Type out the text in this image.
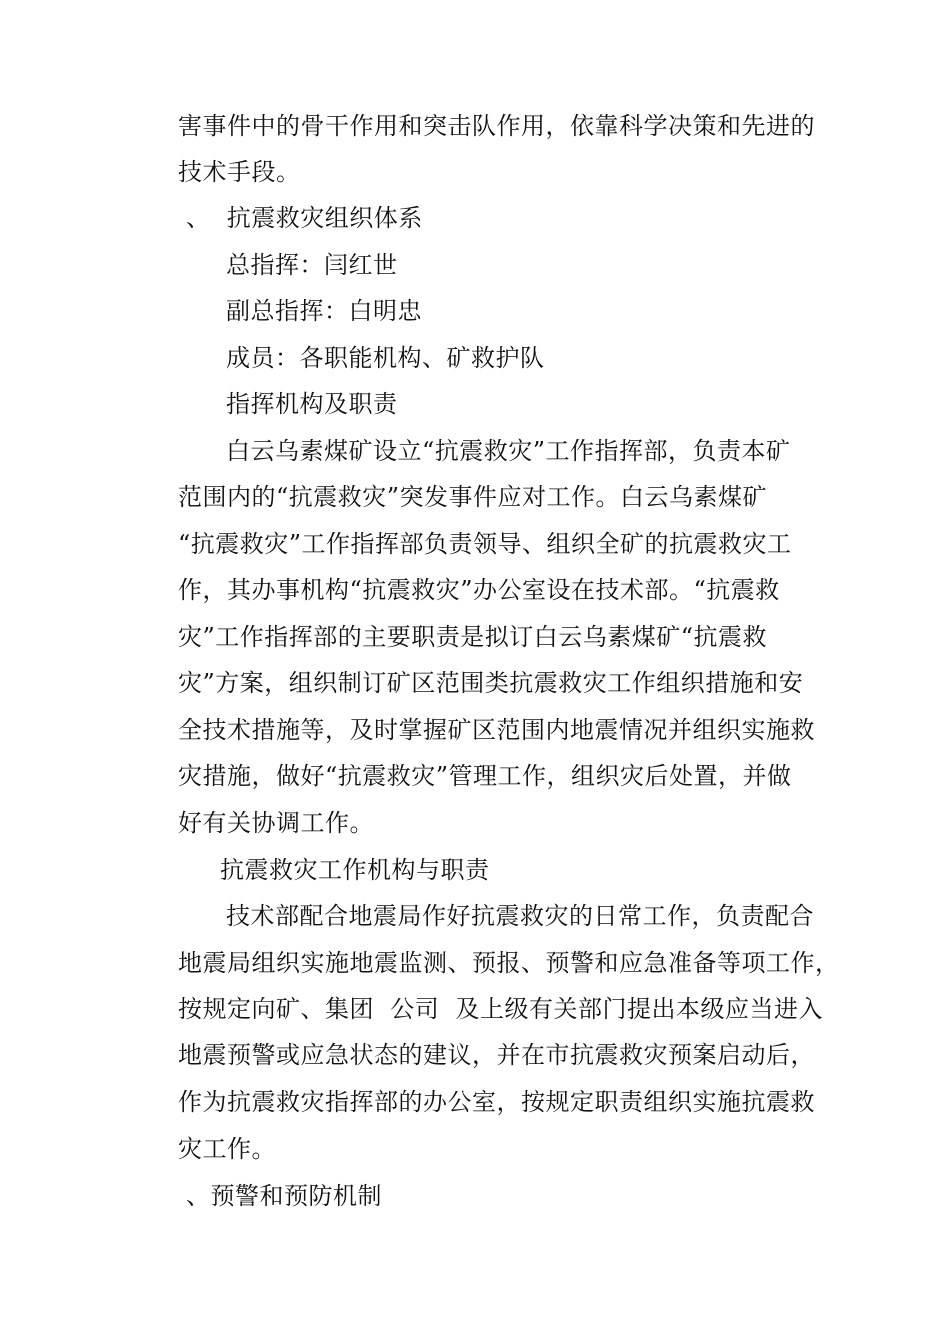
害事件中的骨干作用和突击队作用，依靠科学决策和先进的
技术手段。
、  抗震救灾组织体系
总指挥：闫红世
副总指挥：白明忠
成员：各职能机构、矿救护队
指挥机构及职责
白云乌素煤矿设立“抗震救灾”工作指挥部，负责本矿
范围内的“抗震救灾”突发事件应对工作。白云乌素煤矿
“抗震救灾”工作指挥部负责领导、组织全矿的抗震救灾工
作，其办事机构“抗震救灾”办公室设在技术部。“抗震救
灾”工作指挥部的主要职责是拟订白云乌素煤矿“抗震救
灾”方案，组织制订矿区范围类抗震救灾工作组织措施和安
全技术措施等，及时掌握矿区范围内地震情况并组织实施救
灾措施，做好“抗震救灾”管理工作，组织灾后处置，并做
好有关协调工作。
抗震救灾工作机构与职责
技术部配合地震局作好抗震救灾的日常工作，负责配合
地震局组织实施地震监测、预报、预警和应急准备等项工作，
按规定向矿、集团  公司  及上级有关部门提出本级应当进入
地震预警或应急状态的建议，并在市抗震救灾预案启动后，
作为抗震救灾指挥部的办公室，按规定职责组织实施抗震救
灾工作。
、预警和预防机制
